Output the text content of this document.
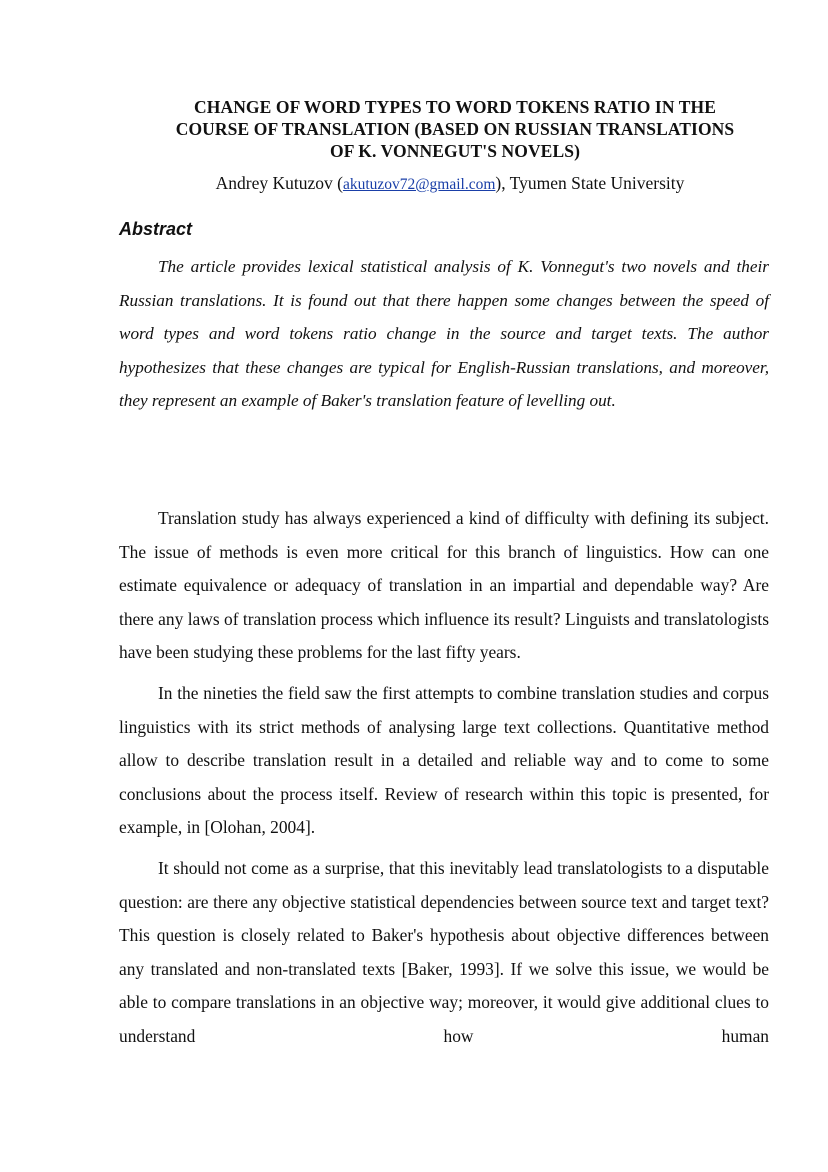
CHANGE OF WORD TYPES TO WORD TOKENS RATIO IN THE
COURSE OF TRANSLATION (BASED ON RUSSIAN TRANSLATIONS
OF K. VONNEGUT'S NOVELS)
Andrey Kutuzov (akutuzov72@gmail.com), Tyumen State University
Abstract

The article provides lexical statistical analysis of K. Vonnegut's two novels and their Russian translations. It is found out that there happen some changes between the speed of word types and word tokens ratio change in the source and target texts. The author hypothesizes that these changes are typical for English-Russian translations, and moreover, they represent an example of Baker's translation feature of levelling out.

Translation study has always experienced a kind of difficulty with defining its subject. The issue of methods is even more critical for this branch of linguistics. How can one estimate equivalence or adequacy of translation in an impartial and dependable way? Are there any laws of translation process which influence its result? Linguists and translatologists have been studying these problems for the last fifty years.

In the nineties the field saw the first attempts to combine translation studies and corpus linguistics with its strict methods of analysing large text collections. Quantitative method allow to describe translation result in a detailed and reliable way and to come to some conclusions about the process itself. Review of research within this topic is presented, for example, in [Olohan, 2004].

It should not come as a surprise, that this inevitably lead translatologists to a disputable question: are there any objective statistical dependencies between source text and target text? This question is closely related to Baker's hypothesis about objective differences between any translated and non-translated texts [Baker, 1993]. If we solve this issue, we would be able to compare translations in an objective way; moreover, it would give additional clues to understand how human
